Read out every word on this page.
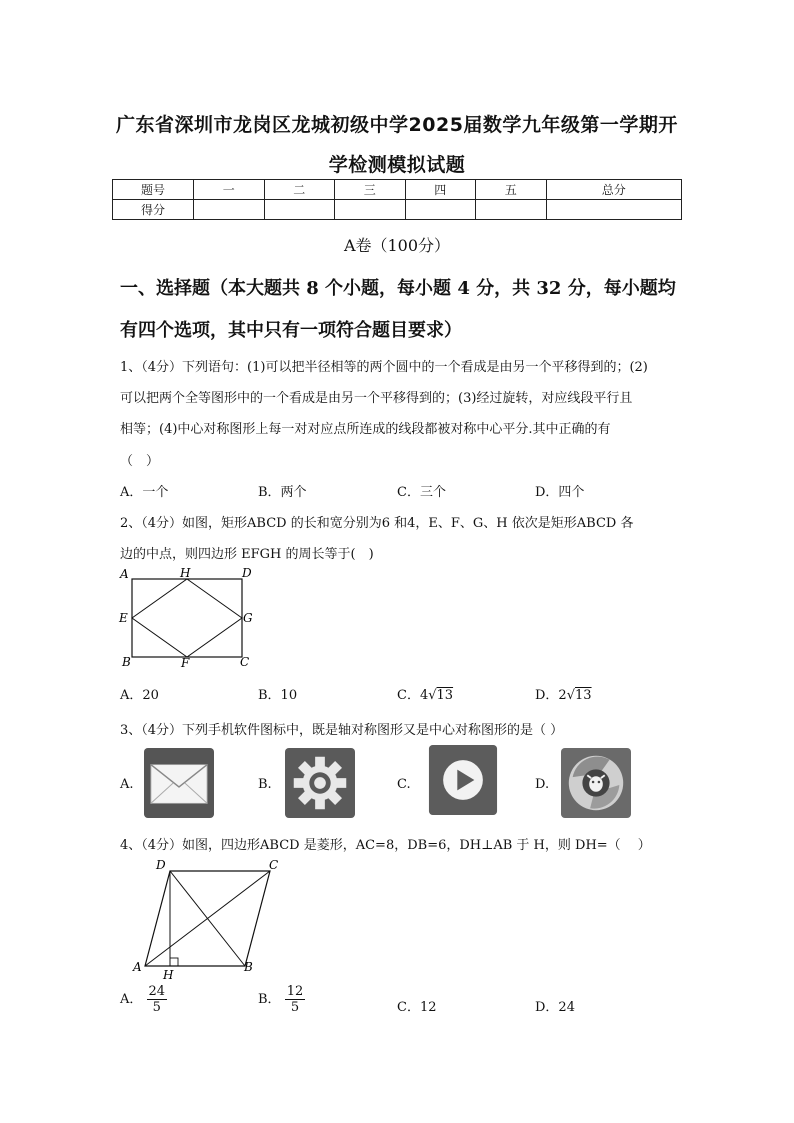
广东省深圳市龙岗区龙城初级中学2025届数学九年级第一学期开
学检测模拟试题
题号	一	二	三	四	五	总分
得分						
A卷（100分）
一、选择题（本大题共 8 个小题，每小题 4 分，共 32 分，每小题均
有四个选项，其中只有一项符合题目要求）
1、（4分）下列语句：(1)可以把半径相等的两个圆中的一个看成是由另一个平移得到的；(2)
可以把两个全等图形中的一个看成是由另一个平移得到的；(3)经过旋转，对应线段平行且
相等；(4)中心对称图形上每一对对应点所连成的线段都被对称中心平分.其中正确的有
（　）
A．一个	B．两个	C．三个	D．四个
2、（4分）如图，矩形ABCD 的长和宽分别为6 和4，E、F、G、H 依次是矩形ABCD 各
边的中点，则四边形 EFGH 的周长等于(　)
A	H	D
E	G
B	F	C
A．20	B．10	C．4√13	D．2√13
3、（4分）下列手机软件图标中，既是轴对称图形又是中心对称图形的是（ ）
A.	B.	C.	D.
4、（4分）如图，四边形ABCD 是菱形，AC=8，DB=6，DH⊥AB 于 H，则 DH=（　 ）
D	C
A
H
B
A． $\frac{24}{5}$	B． $\frac{12}{5}$	C．12	D．24
